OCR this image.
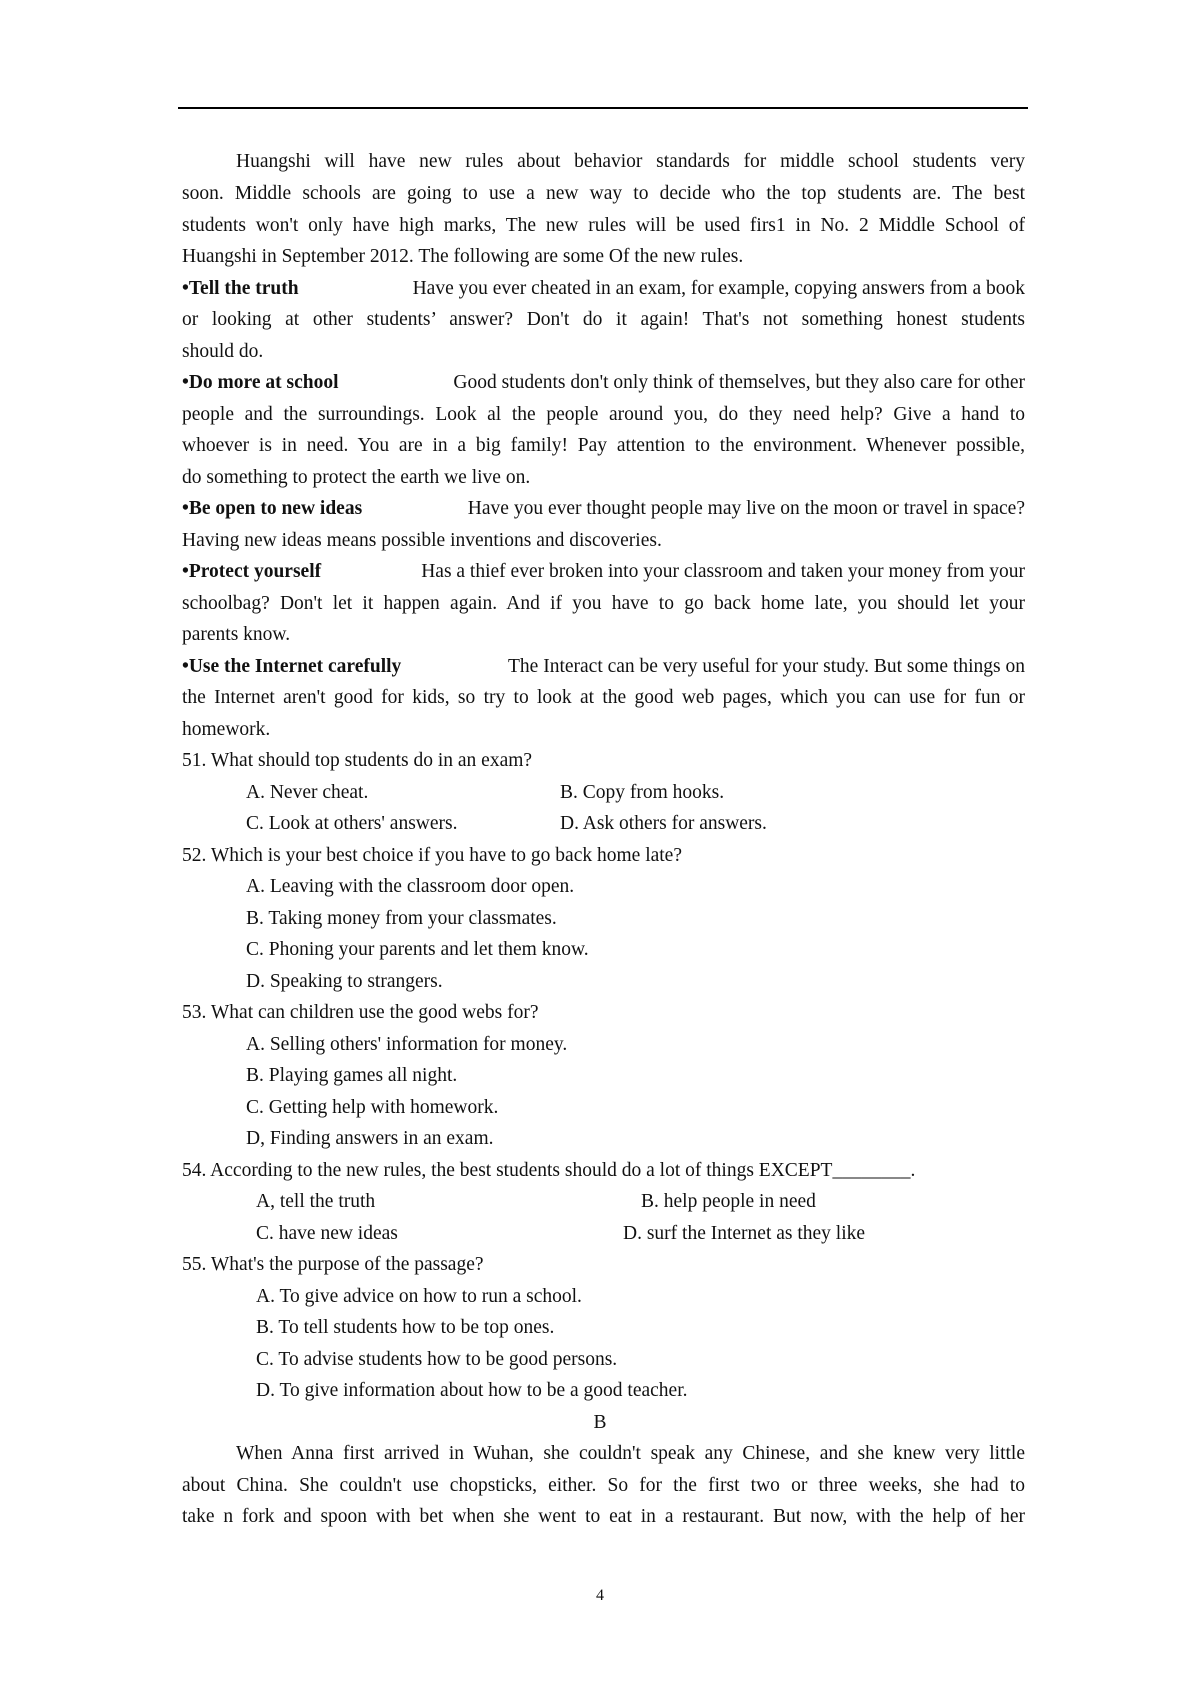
Huangshi will have new rules about behavior standards for middle school students very
soon. Middle schools are going to use a new way to decide who the top students are. The best
students won't only have high marks, The new rules will be used firs1 in No. 2 Middle School of
Huangshi in September 2012. The following are some Of the new rules.
•Tell the truth	Have you ever cheated in an exam, for example, copying answers from a book
or looking at other students’ answer? Don't do it again! That's not something honest students
should do.
•Do more at school	Good students don't only think of themselves, but they also care for other
people and the surroundings. Look al the people around you, do they need help? Give a hand to
whoever is in need. You are in a big family! Pay attention to the environment. Whenever possible,
do something to protect the earth we live on.
•Be open to new ideas	Have you ever thought people may live on the moon or travel in space?
Having new ideas means possible inventions and discoveries.
•Protect yourself	Has a thief ever broken into your classroom and taken your money from your
schoolbag? Don't let it happen again. And if you have to go back home late, you should let your
parents know.
•Use the Internet carefully	The Interact can be very useful for your study. But some things on
the Internet aren't good for kids, so try to look at the good web pages, which you can use for fun or
homework.
51. What should top students do in an exam?
A. Never cheat.	B. Copy from hooks.
C. Look at others' answers.	D. Ask others for answers.
52. Which is your best choice if you have to go back home late?
A. Leaving with the classroom door open.
B. Taking money from your classmates.
C. Phoning your parents and let them know.
D. Speaking to strangers.
53. What can children use the good webs for?
A. Selling others' information for money.
B. Playing games all night.
C. Getting help with homework.
D, Finding answers in an exam.
54. According to the new rules, the best students should do a lot of things EXCEPT________.
A, tell the truth	B. help people in need
C. have new ideas	D. surf the Internet as they like
55. What's the purpose of the passage?
A. To give advice on how to run a school.
B. To tell students how to be top ones.
C. To advise students how to be good persons.
D. To give information about how to be a good teacher.
B
When Anna first arrived in Wuhan, she couldn't speak any Chinese, and she knew very little
about China. She couldn't use chopsticks, either. So for the first two or three weeks, she had to
take n fork and spoon with bet when she went to eat in a restaurant. But now, with the help of her
4
